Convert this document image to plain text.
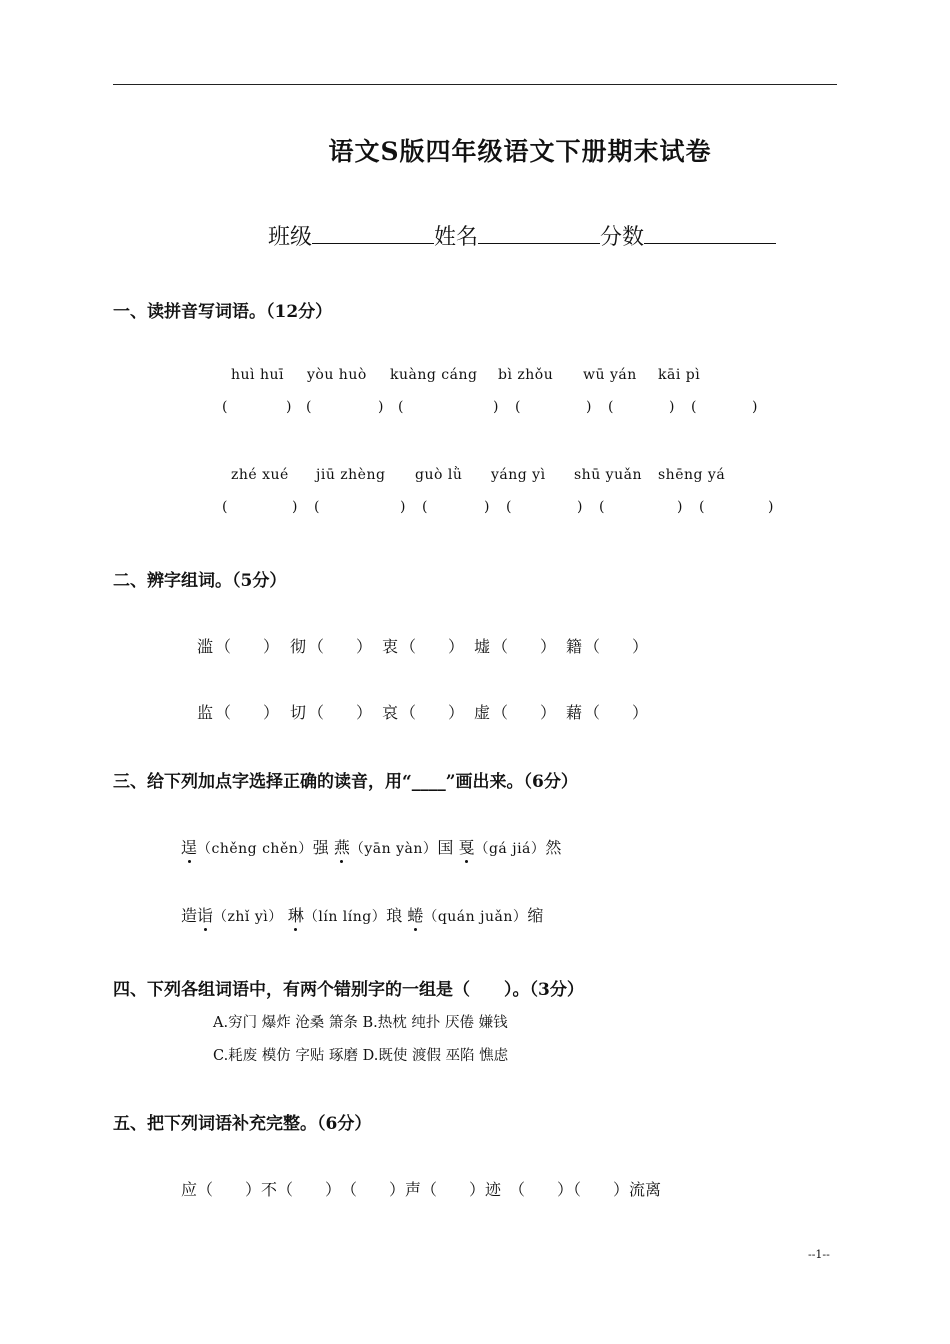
语文S版四年级语文下册期末试卷
班级	姓名	分数
一、读拼音写词语。（12分）
huì huī yòu huò kuàng cáng bì zhǒu wū yán kāi pì
(	) (	) (	) (	) (	) (	)
zhé xué jiū zhèng guò lǜ yáng yì shū yuǎn shēng yá
(	) (	) (	) (	) (	) (	)
二、辨字组词。（5分）
滥 （　　） 彻 （　　） 衷 （　　） 墟 （　　） 籍 （　　）
监 （　　） 切 （　　） 哀 （　　） 虚 （　　） 藉 （　　）
三、给下列加点字选择正确的读音，用“____”画出来。（6分）
逞（chěng chěn）强 燕（yān yàn）国 戛（gá jiá）然
造诣（zhǐ yì） 琳（lín líng）琅 蜷（quán juǎn）缩
四、下列各组词语中，有两个错别字的一组是（　　）。（3分）
A.穷门 爆炸 沧桑 箫条 B.热枕 纯扑 厌倦 嫌钱
C.耗废 模仿 字贴 琢磨 D.既使 渡假 巫陷 憔虑
五、把下列词语补充完整。（6分）
应（　　）不（　　）　（　　）声（　　）迹　（　　）（　　）流离
--1--
